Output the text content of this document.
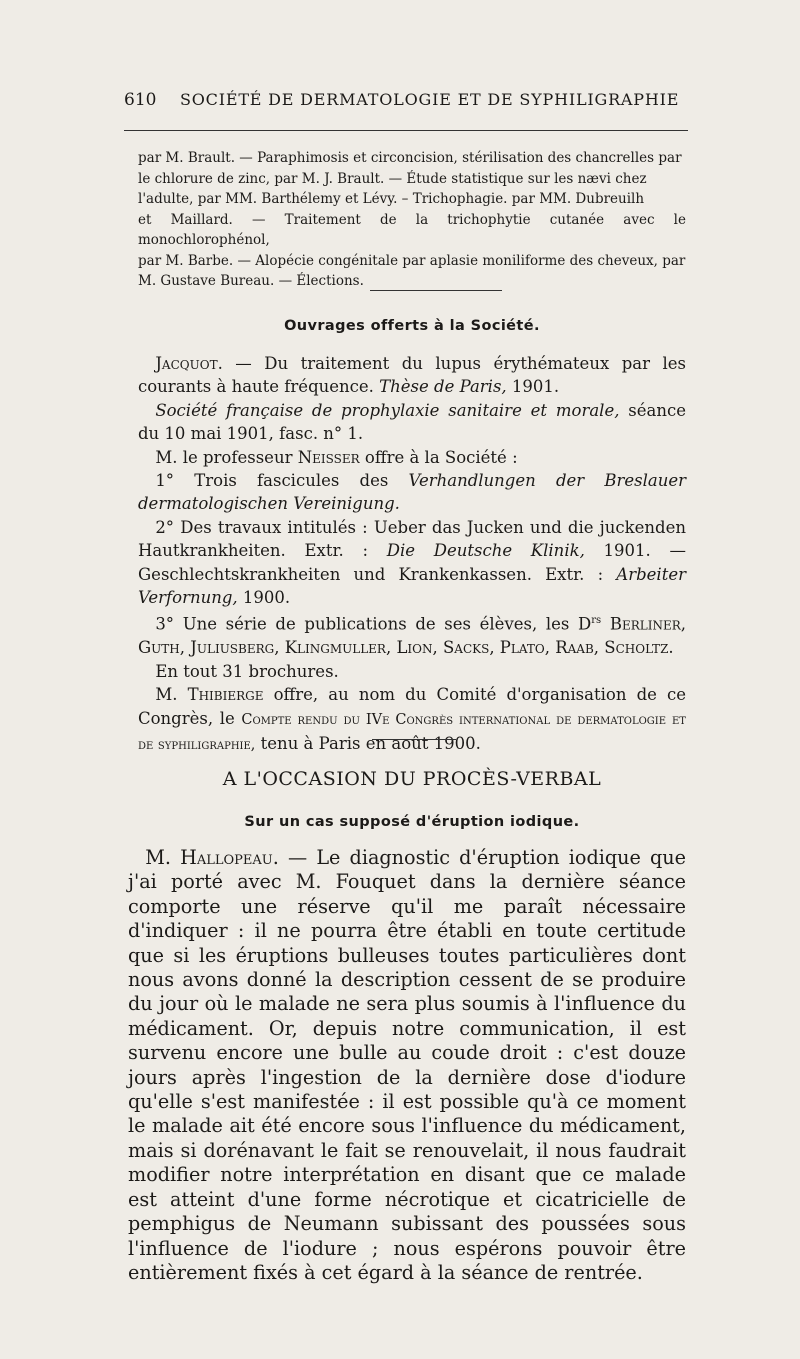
610	SOCIÉTÉ DE DERMATOLOGIE ET DE SYPHILIGRAPHIE
par M. Brault. — Paraphimosis et circoncision, stérilisation des chancrelles par
le chlorure de zinc, par M. J. Brault. — Étude statistique sur les nævi chez
l'adulte, par MM. Barthélemy et Lévy. – Trichophagie. par MM. Dubreuilh
et Maillard. — Traitement de la trichophytie cutanée avec le monochlorophénol,
par M. Barbe. — Alopécie congénitale par aplasie moniliforme des cheveux, par
M. Gustave Bureau. — Élections.
Ouvrages offerts à la Société.

Jacquot. — Du traitement du lupus érythémateux par les courants à haute fréquence. Thèse de Paris, 1901.

Société française de prophylaxie sanitaire et morale, séance du 10 mai 1901, fasc. n° 1.

M. le professeur Neisser offre à la Société :

1° Trois fascicules des Verhandlungen der Breslauer dermatologischen Vereinigung.

2° Des travaux intitulés : Ueber das Jucken und die juckenden Hautkrankheiten. Extr. : Die Deutsche Klinik, 1901. — Geschlechtskrankheiten und Krankenkassen. Extr. : Arbeiter Verfornung, 1900.

3° Une série de publications de ses élèves, les $D^{rs}$ Berliner, Guth, Juliusberg, Klingmuller, Lion, Sacks, Plato, Raab, Scholtz.

En tout 31 brochures.

M. Thibierge offre, au nom du Comité d'organisation de ce Congrès, le Compte rendu du IVe Congrès international de dermatologie et de syphiligraphie, tenu à Paris en août 1900.

A L'OCCASION DU PROCÈS-VERBAL
Sur un cas supposé d'éruption iodique.

M. Hallopeau. — Le diagnostic d'éruption iodique que j'ai porté avec M. Fouquet dans la dernière séance comporte une réserve qu'il me paraît nécessaire d'indiquer : il ne pourra être établi en toute certitude que si les éruptions bulleuses toutes particulières dont nous avons donné la description cessent de se produire du jour où le malade ne sera plus soumis à l'influence du médicament. Or, depuis notre communication, il est survenu encore une bulle au coude droit : c'est douze jours après l'ingestion de la dernière dose d'iodure qu'elle s'est manifestée : il est possible qu'à ce moment le malade ait été encore sous l'influence du médicament, mais si dorénavant le fait se renouvelait, il nous faudrait modifier notre interprétation en disant que ce malade est atteint d'une forme nécrotique et cicatricielle de pemphigus de Neumann subissant des poussées sous l'influence de l'iodure ; nous espérons pouvoir être entièrement fixés à cet égard à la séance de rentrée.
